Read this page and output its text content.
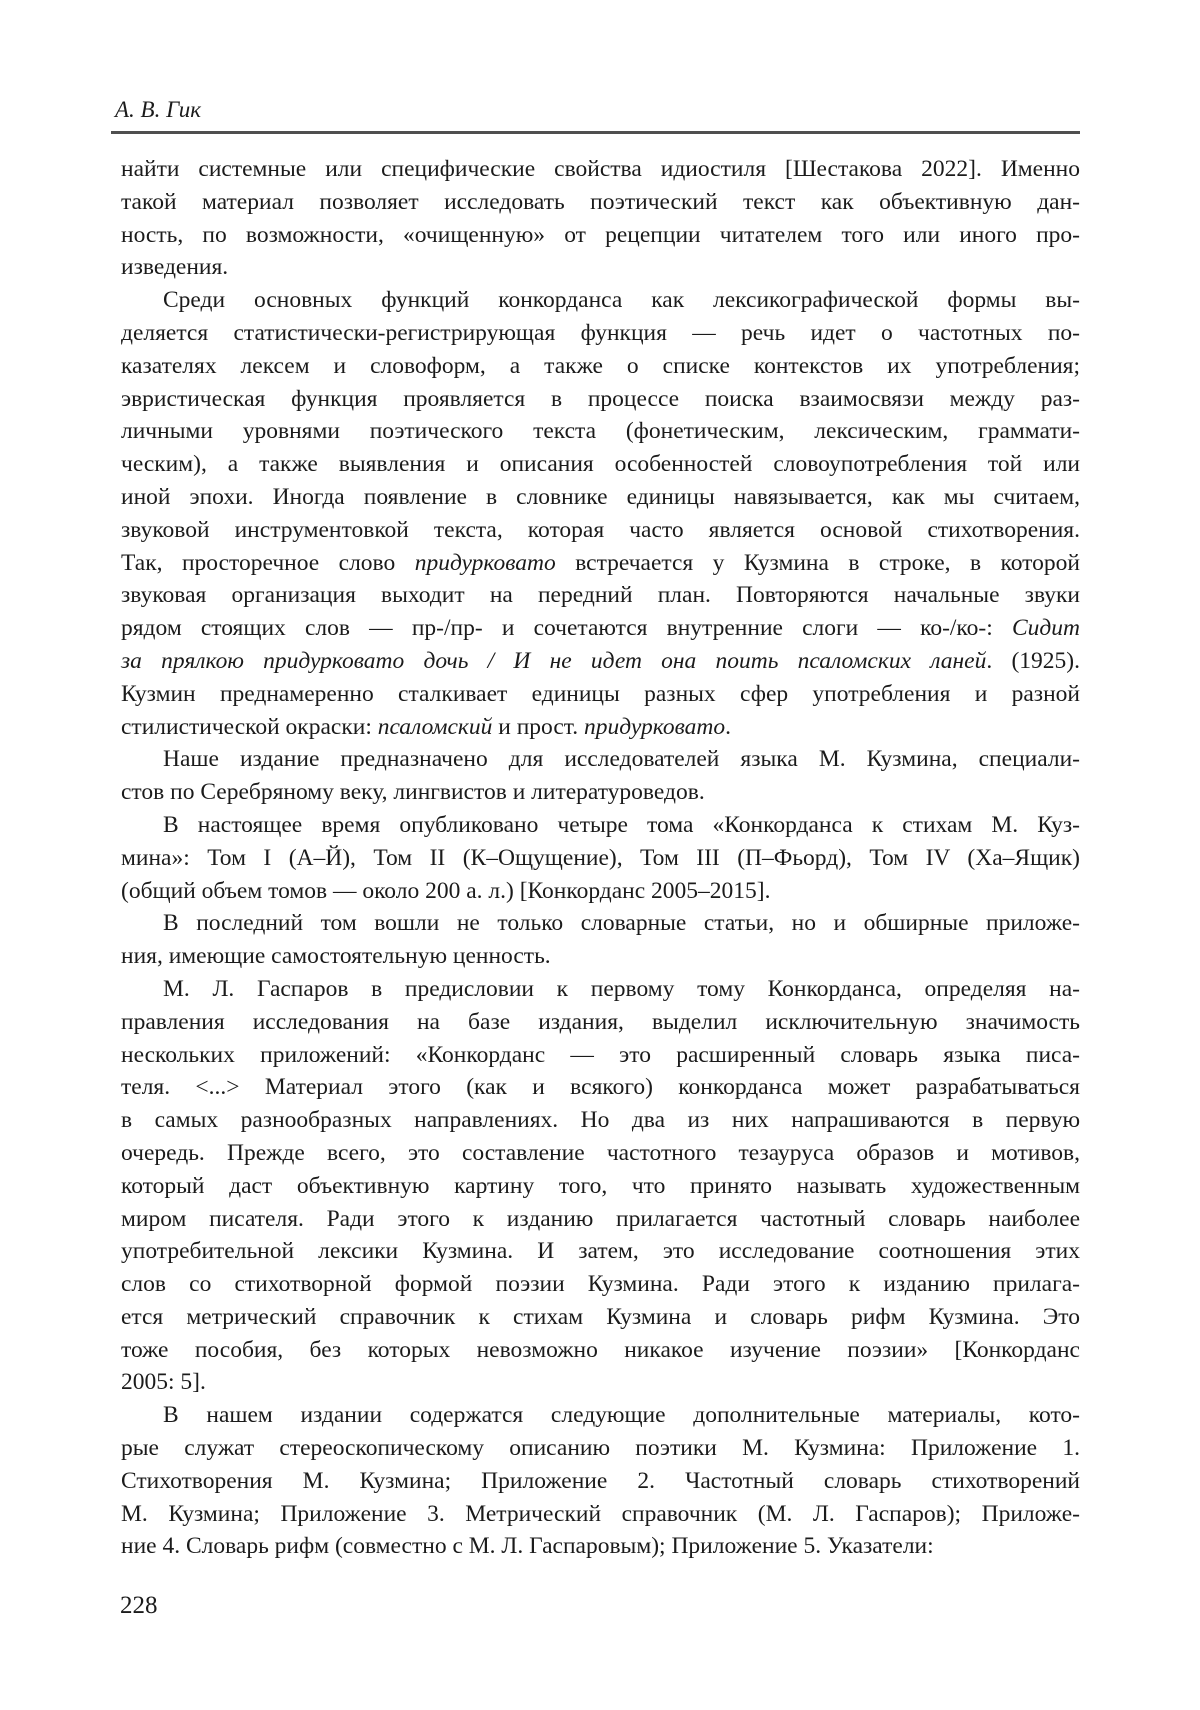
А. В. Гик
найти системные или специфические свойства идиостиля [Шестакова 2022]. Именно
такой материал позволяет исследовать поэтический текст как объективную дан-
ность, по возможности, «очищенную» от рецепции читателем того или иного про-
изведения.
Среди основных функций конкорданса как лексикографической формы вы-
деляется статистически-регистрирующая функция — речь идет о частотных по-
казателях лексем и словоформ, а также о списке контекстов их употребления;
эвристическая функция проявляется в процессе поиска взаимосвязи между раз-
личными уровнями поэтического текста (фонетическим, лексическим, граммати-
ческим), а также выявления и описания особенностей словоупотребления той или
иной эпохи. Иногда появление в словнике единицы навязывается, как мы считаем,
звуковой инструментовкой текста, которая часто является основой стихотворения.
Так, просторечное слово придурковато встречается у Кузмина в строке, в которой
звуковая организация выходит на передний план. Повторяются начальные звуки
рядом стоящих слов — пр-/пр- и сочетаются внутренние слоги — ко-/ко-: Сидит
за прялкою придурковато дочь / И не идет она поить псаломских ланей. (1925).
Кузмин преднамеренно сталкивает единицы разных сфер употребления и разной
стилистической окраски: псаломский и прост. придурковато.
Наше издание предназначено для исследователей языка М. Кузмина, специали-
стов по Серебряному веку, лингвистов и литературоведов.
В настоящее время опубликовано четыре тома «Конкорданса к стихам М. Куз-
мина»: Том I (А–Й), Том II (К–Ощущение), Том III (П–Фьорд), Том IV (Ха–Ящик)
(общий объем томов — около 200 а. л.) [Конкорданс 2005–2015].
В последний том вошли не только словарные статьи, но и обширные приложе-
ния, имеющие самостоятельную ценность.
М. Л. Гаспаров в предисловии к первому тому Конкорданса, определяя на-
правления исследования на базе издания, выделил исключительную значимость
нескольких приложений: «Конкорданс — это расширенный словарь языка писа-
теля. <...> Материал этого (как и всякого) конкорданса может разрабатываться
в самых разнообразных направлениях. Но два из них напрашиваются в первую
очередь. Прежде всего, это составление частотного тезауруса образов и мотивов,
который даст объективную картину того, что принято называть художественным
миром писателя. Ради этого к изданию прилагается частотный словарь наиболее
употребительной лексики Кузмина. И затем, это исследование соотношения этих
слов со стихотворной формой поэзии Кузмина. Ради этого к изданию прилага-
ется метрический справочник к стихам Кузмина и словарь рифм Кузмина. Это
тоже пособия, без которых невозможно никакое изучение поэзии» [Конкорданс
2005: 5].
В нашем издании содержатся следующие дополнительные материалы, кото-
рые служат стереоскопическому описанию поэтики М. Кузмина: Приложение 1.
Стихотворения М. Кузмина; Приложение 2. Частотный словарь стихотворений
М. Кузмина; Приложение 3. Метрический справочник (М. Л. Гаспаров); Приложе-
ние 4. Словарь рифм (совместно с М. Л. Гаспаровым); Приложение 5. Указатели:
228
